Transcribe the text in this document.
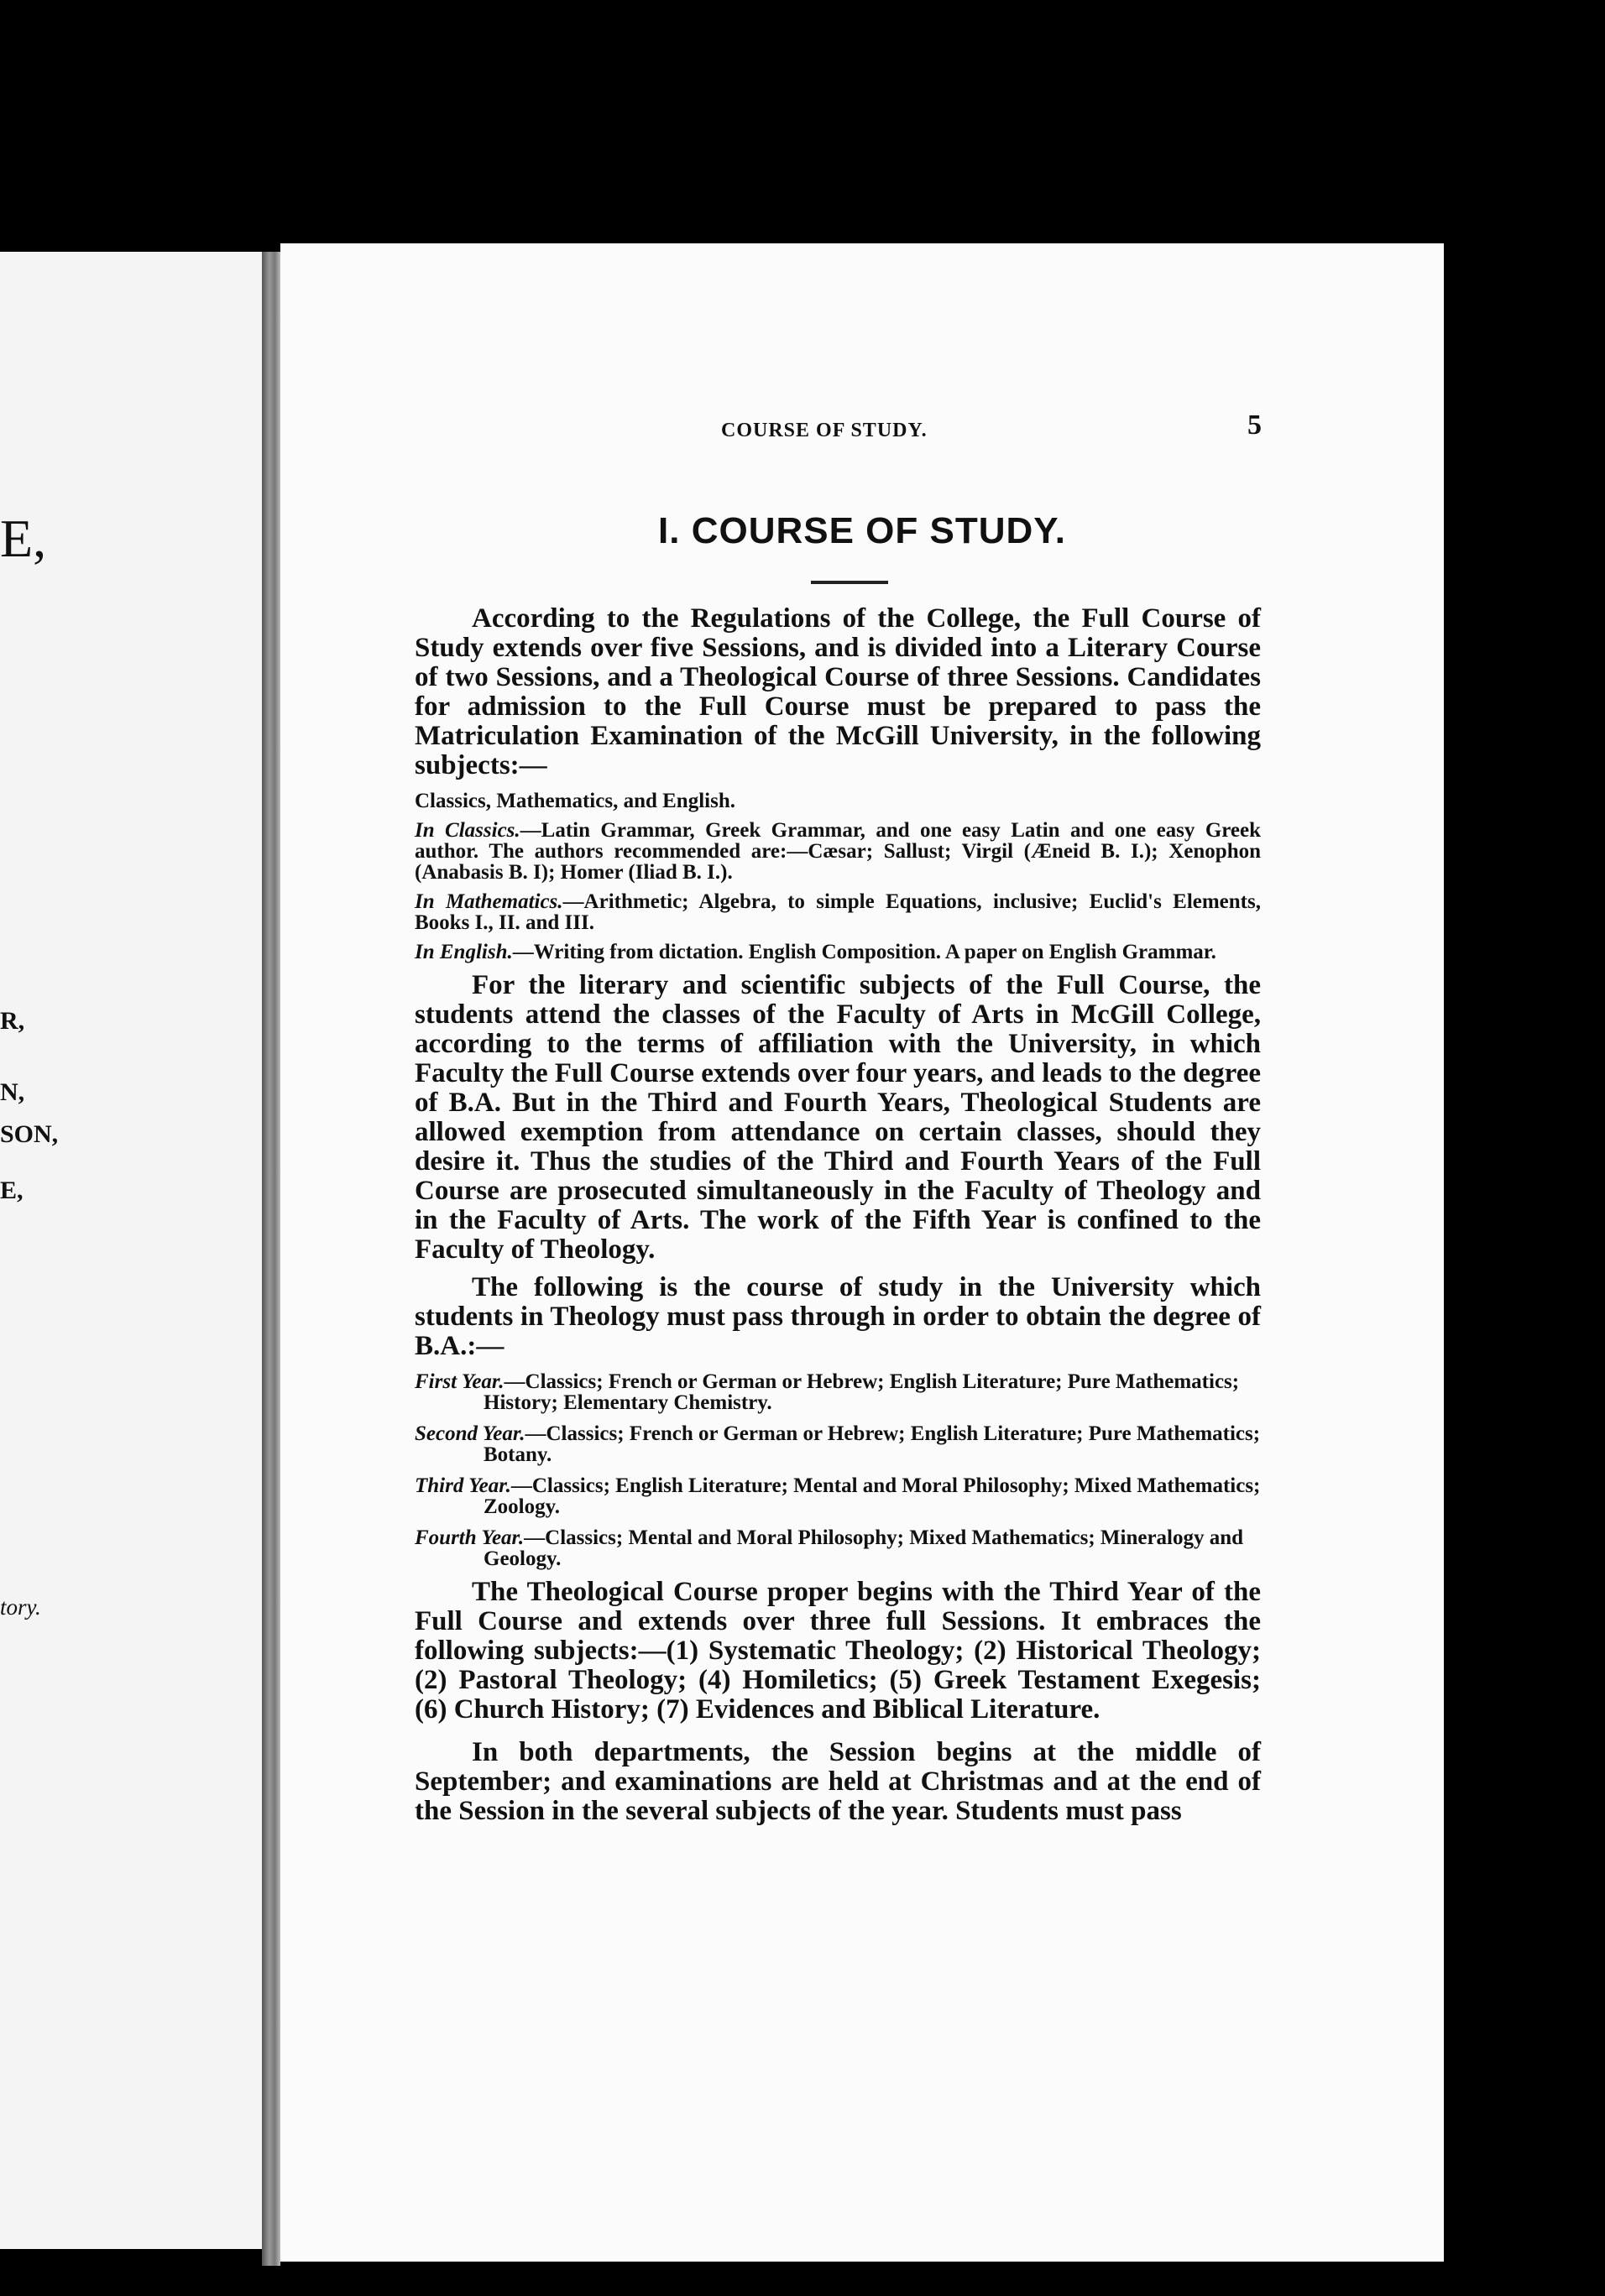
E,
R,
N,
SON,
E,
tory.
COURSE OF STUDY.	5
I. COURSE OF STUDY.

According to the Regulations of the College, the Full Course of Study extends over five Sessions, and is divided into a Literary Course of two Sessions, and a Theological Course of three Sessions. Candidates for admission to the Full Course must be prepared to pass the Matriculation Examination of the McGill University, in the following subjects:—

Classics, Mathematics, and English.

In Classics.—Latin Grammar, Greek Grammar, and one easy Latin and one easy Greek author. The authors recommended are:—Cæsar; Sallust; Virgil (Æneid B. I.); Xenophon (Anabasis B. I); Homer (Iliad B. I.).

In Mathematics.—Arithmetic; Algebra, to simple Equations, inclusive; Euclid's Elements, Books I., II. and III.

In English.—Writing from dictation. English Composition. A paper on English Grammar.

For the literary and scientific subjects of the Full Course, the students attend the classes of the Faculty of Arts in McGill College, according to the terms of affiliation with the University, in which Faculty the Full Course extends over four years, and leads to the degree of B.A. But in the Third and Fourth Years, Theological Students are allowed exemption from attendance on certain classes, should they desire it. Thus the studies of the Third and Fourth Years of the Full Course are prosecuted simultaneously in the Faculty of Theology and in the Faculty of Arts. The work of the Fifth Year is confined to the Faculty of Theology.

The following is the course of study in the University which students in Theology must pass through in order to obtain the degree of B.A.:—

First Year.—Classics; French or German or Hebrew; English Literature; Pure Mathematics; History; Elementary Chemistry.

Second Year.—Classics; French or German or Hebrew; English Literature; Pure Mathematics; Botany.

Third Year.—Classics; English Literature; Mental and Moral Philosophy; Mixed Mathematics; Zoology.

Fourth Year.—Classics; Mental and Moral Philosophy; Mixed Mathematics; Mineralogy and Geology.

The Theological Course proper begins with the Third Year of the Full Course and extends over three full Sessions. It embraces the following subjects:—(1) Systematic Theology; (2) Historical Theology; (2) Pastoral Theology; (4) Homiletics; (5) Greek Testament Exegesis; (6) Church History; (7) Evidences and Biblical Literature.

In both departments, the Session begins at the middle of September; and examinations are held at Christmas and at the end of the Session in the several subjects of the year. Students must pass
